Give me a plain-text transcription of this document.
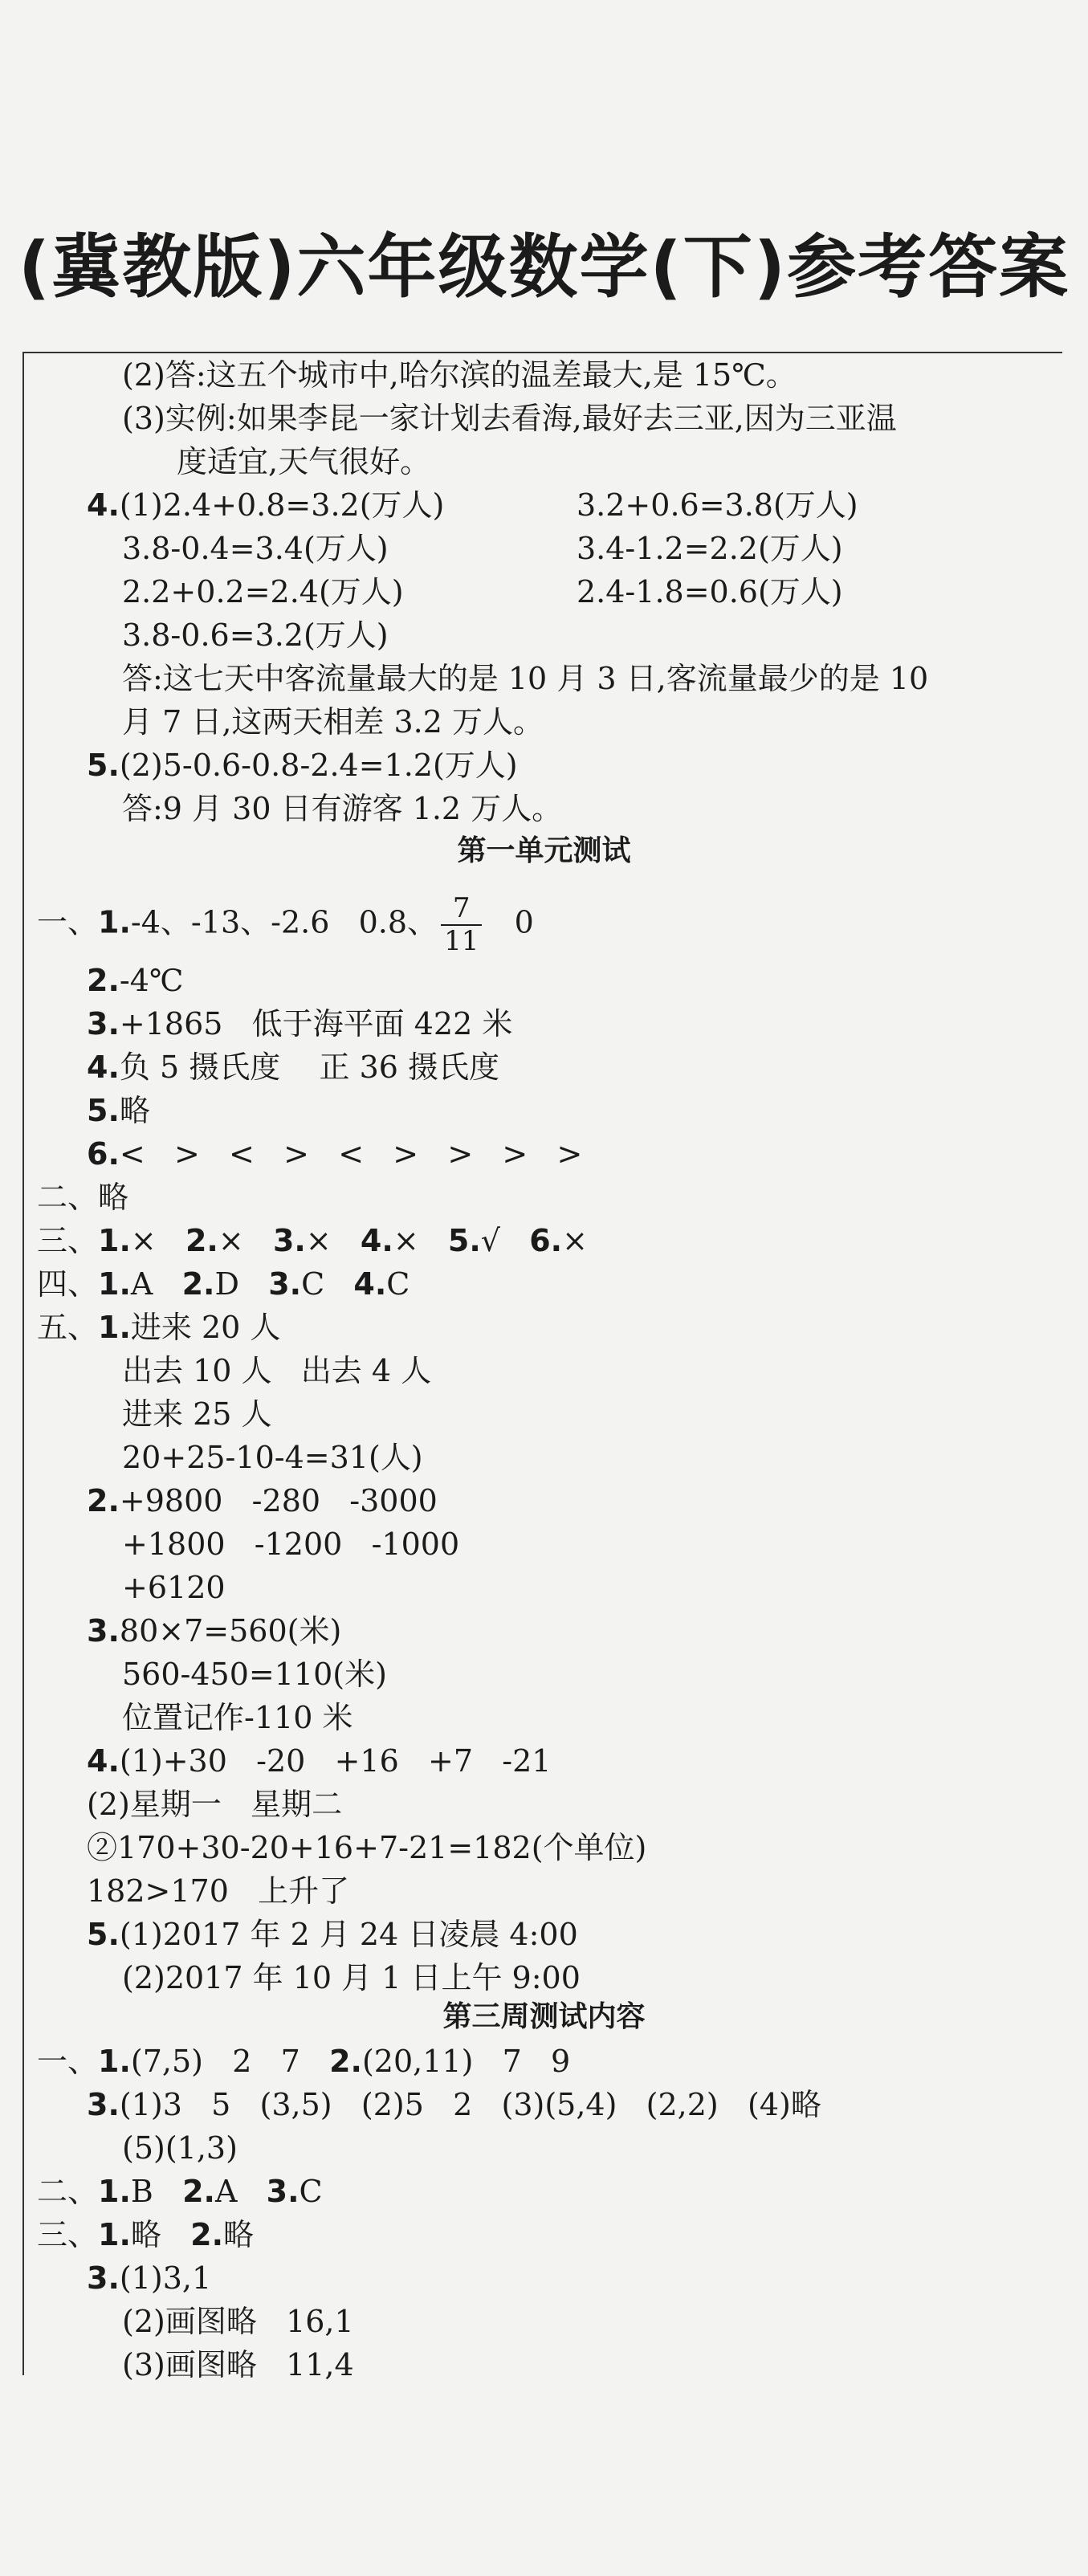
(冀教版)六年级数学(下)参考答案
(2)答:这五个城市中,哈尔滨的温差最大,是 15℃。
(3)实例:如果李昆一家计划去看海,最好去三亚,因为三亚温
度适宜,天气很好。
4.(1)2.4+0.8=3.2(万人)	3.2+0.6=3.8(万人)
3.8-0.4=3.4(万人)	3.4-1.2=2.2(万人)
2.2+0.2=2.4(万人)	2.4-1.8=0.6(万人)
3.8-0.6=3.2(万人)
答:这七天中客流量最大的是 10 月 3 日,客流量最少的是 10
月 7 日,这两天相差 3.2 万人。
5.(2)5-0.6-0.8-2.4=1.2(万人)
答:9 月 30 日有游客 1.2 万人。
第一单元测试
一、1.-4、-13、-2.6   0.8、 $\frac{7}{11} 0$
2.-4℃
3.+1865   低于海平面 422 米
4.负 5 摄氏度    正 36 摄氏度
5.略
6.<   >   <   >   <   >   >   >   >
二、略
三、1.×   2.×   3.×   4.×   5.√   6.×
四、1.A   2.D   3.C   4.C
五、1.进来 20 人
出去 10 人   出去 4 人
进来 25 人
20+25-10-4=31(人)
2.+9800   -280   -3000
+1800   -1200   -1000
+6120
3.80×7=560(米)
560-450=110(米)
位置记作-110 米
4.(1)+30   -20   +16   +7   -21
(2)星期一   星期二
②170+30-20+16+7-21=182(个单位)
182>170   上升了
5.(1)2017 年 2 月 24 日凌晨 4:00
(2)2017 年 10 月 1 日上午 9:00
第三周测试内容
一、1.(7,5)   2   7   2.(20,11)   7   9
3.(1)3   5   (3,5)   (2)5   2   (3)(5,4)   (2,2)   (4)略
(5)(1,3)
二、1.B   2.A   3.C
三、1.略   2.略
3.(1)3,1
(2)画图略   16,1
(3)画图略   11,4
